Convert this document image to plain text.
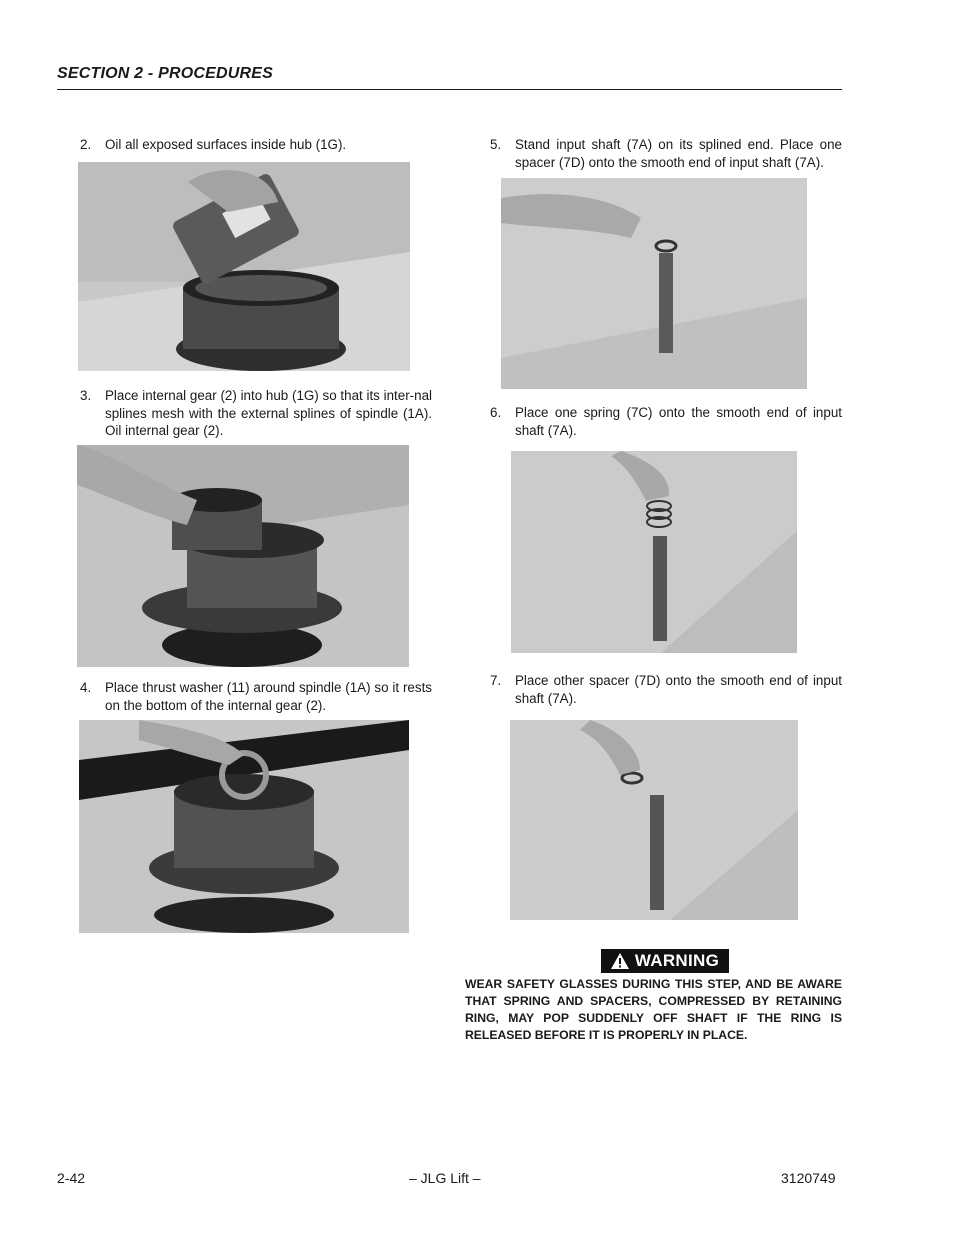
SECTION 2 - PROCEDURES
2. Oil all exposed surfaces inside hub (1G).
3. Place internal gear (2) into hub (1G) so that its inter-nal splines mesh with the external splines of spindle (1A). Oil internal gear (2).
4. Place thrust washer (11) around spindle (1A) so it rests on the bottom of the internal gear (2).
5. Stand input shaft (7A) on its splined end. Place one spacer (7D) onto the smooth end of input shaft (7A).
6. Place one spring (7C) onto the smooth end of input shaft (7A).
7. Place other spacer (7D) onto the smooth end of input shaft (7A).
WARNING
WEAR SAFETY GLASSES DURING THIS STEP, AND BE AWARE THAT SPRING AND SPACERS, COMPRESSED BY RETAINING RING, MAY POP SUDDENLY OFF SHAFT IF THE RING IS RELEASED BEFORE IT IS PROPERLY IN PLACE.
2-42	– JLG Lift –	3120749
